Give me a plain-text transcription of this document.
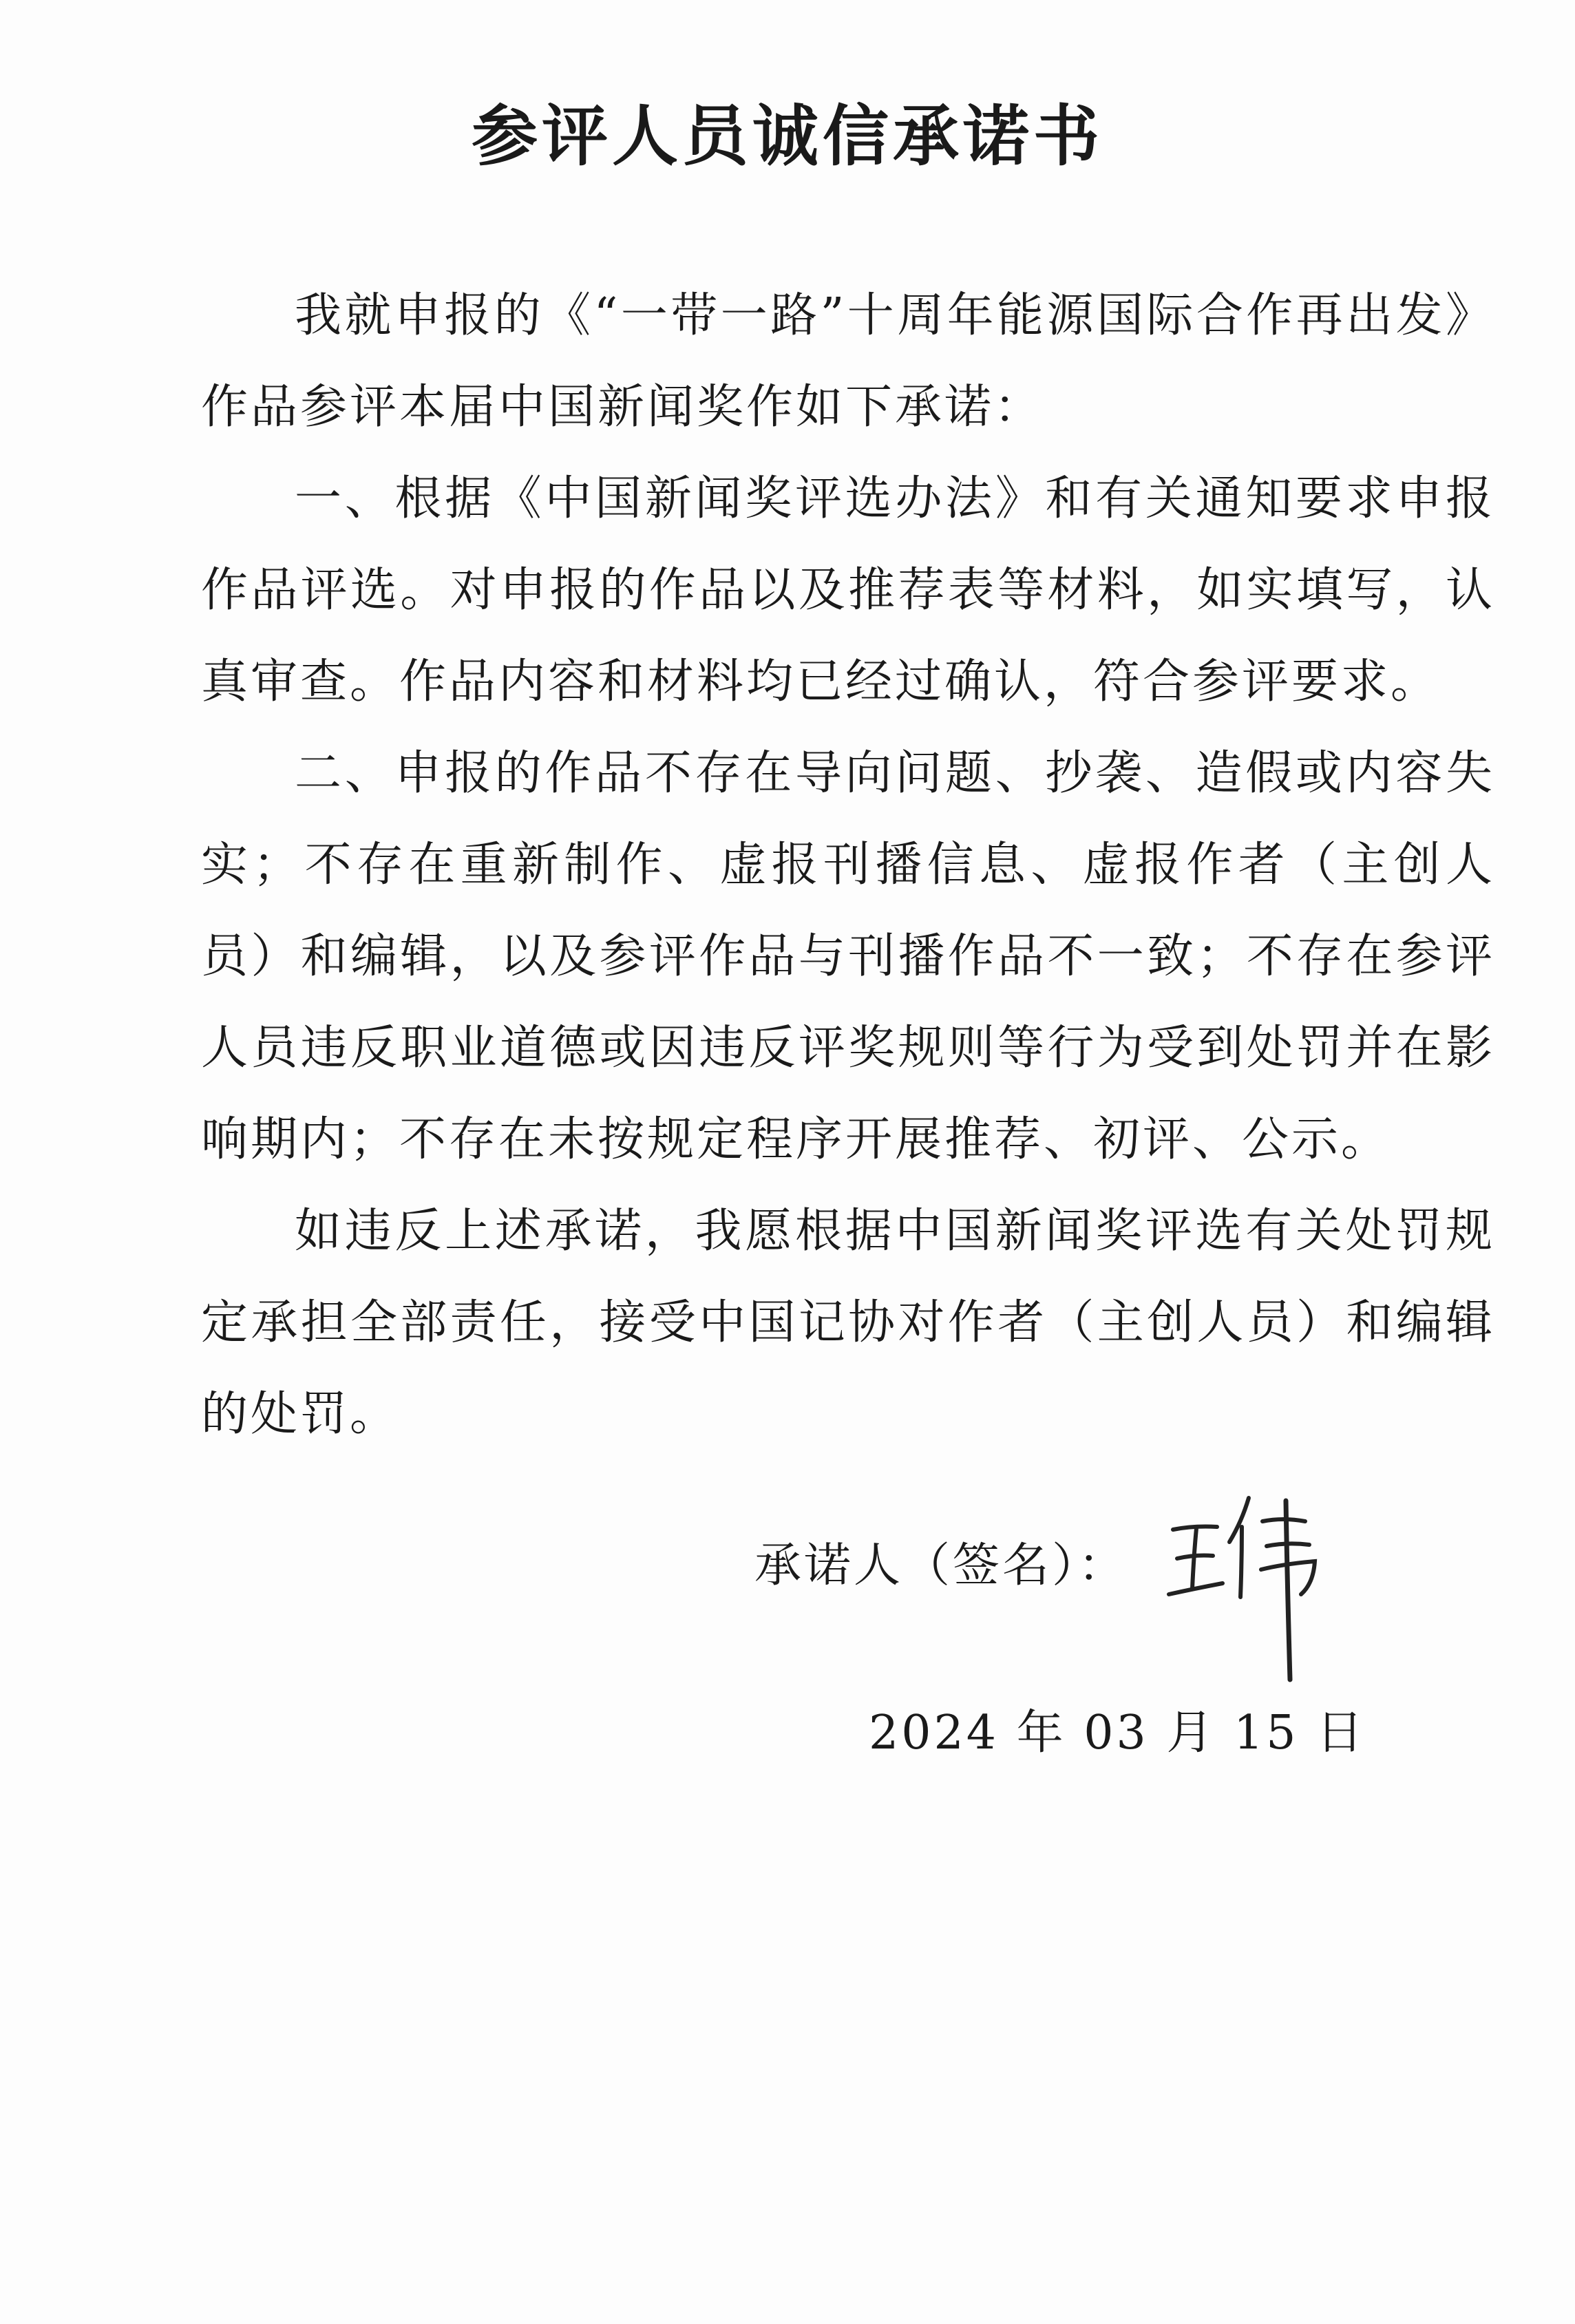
参评人员诚信承诺书

我就申报的《“一带一路”十周年能源国际合作再出发》作品参评本届中国新闻奖作如下承诺：

一、根据《中国新闻奖评选办法》和有关通知要求申报作品评选。对申报的作品以及推荐表等材料，如实填写，认真审查。作品内容和材料均已经过确认，符合参评要求。

二、申报的作品不存在导向问题、抄袭、造假或内容失实；不存在重新制作、虚报刊播信息、虚报作者（主创人员）和编辑，以及参评作品与刊播作品不一致；不存在参评人员违反职业道德或因违反评奖规则等行为受到处罚并在影响期内；不存在未按规定程序开展推荐、初评、公示。

如违反上述承诺，我愿根据中国新闻奖评选有关处罚规定承担全部责任，接受中国记协对作者（主创人员）和编辑的处罚。

承诺人（签名）：
2024 年 03 月 15 日
